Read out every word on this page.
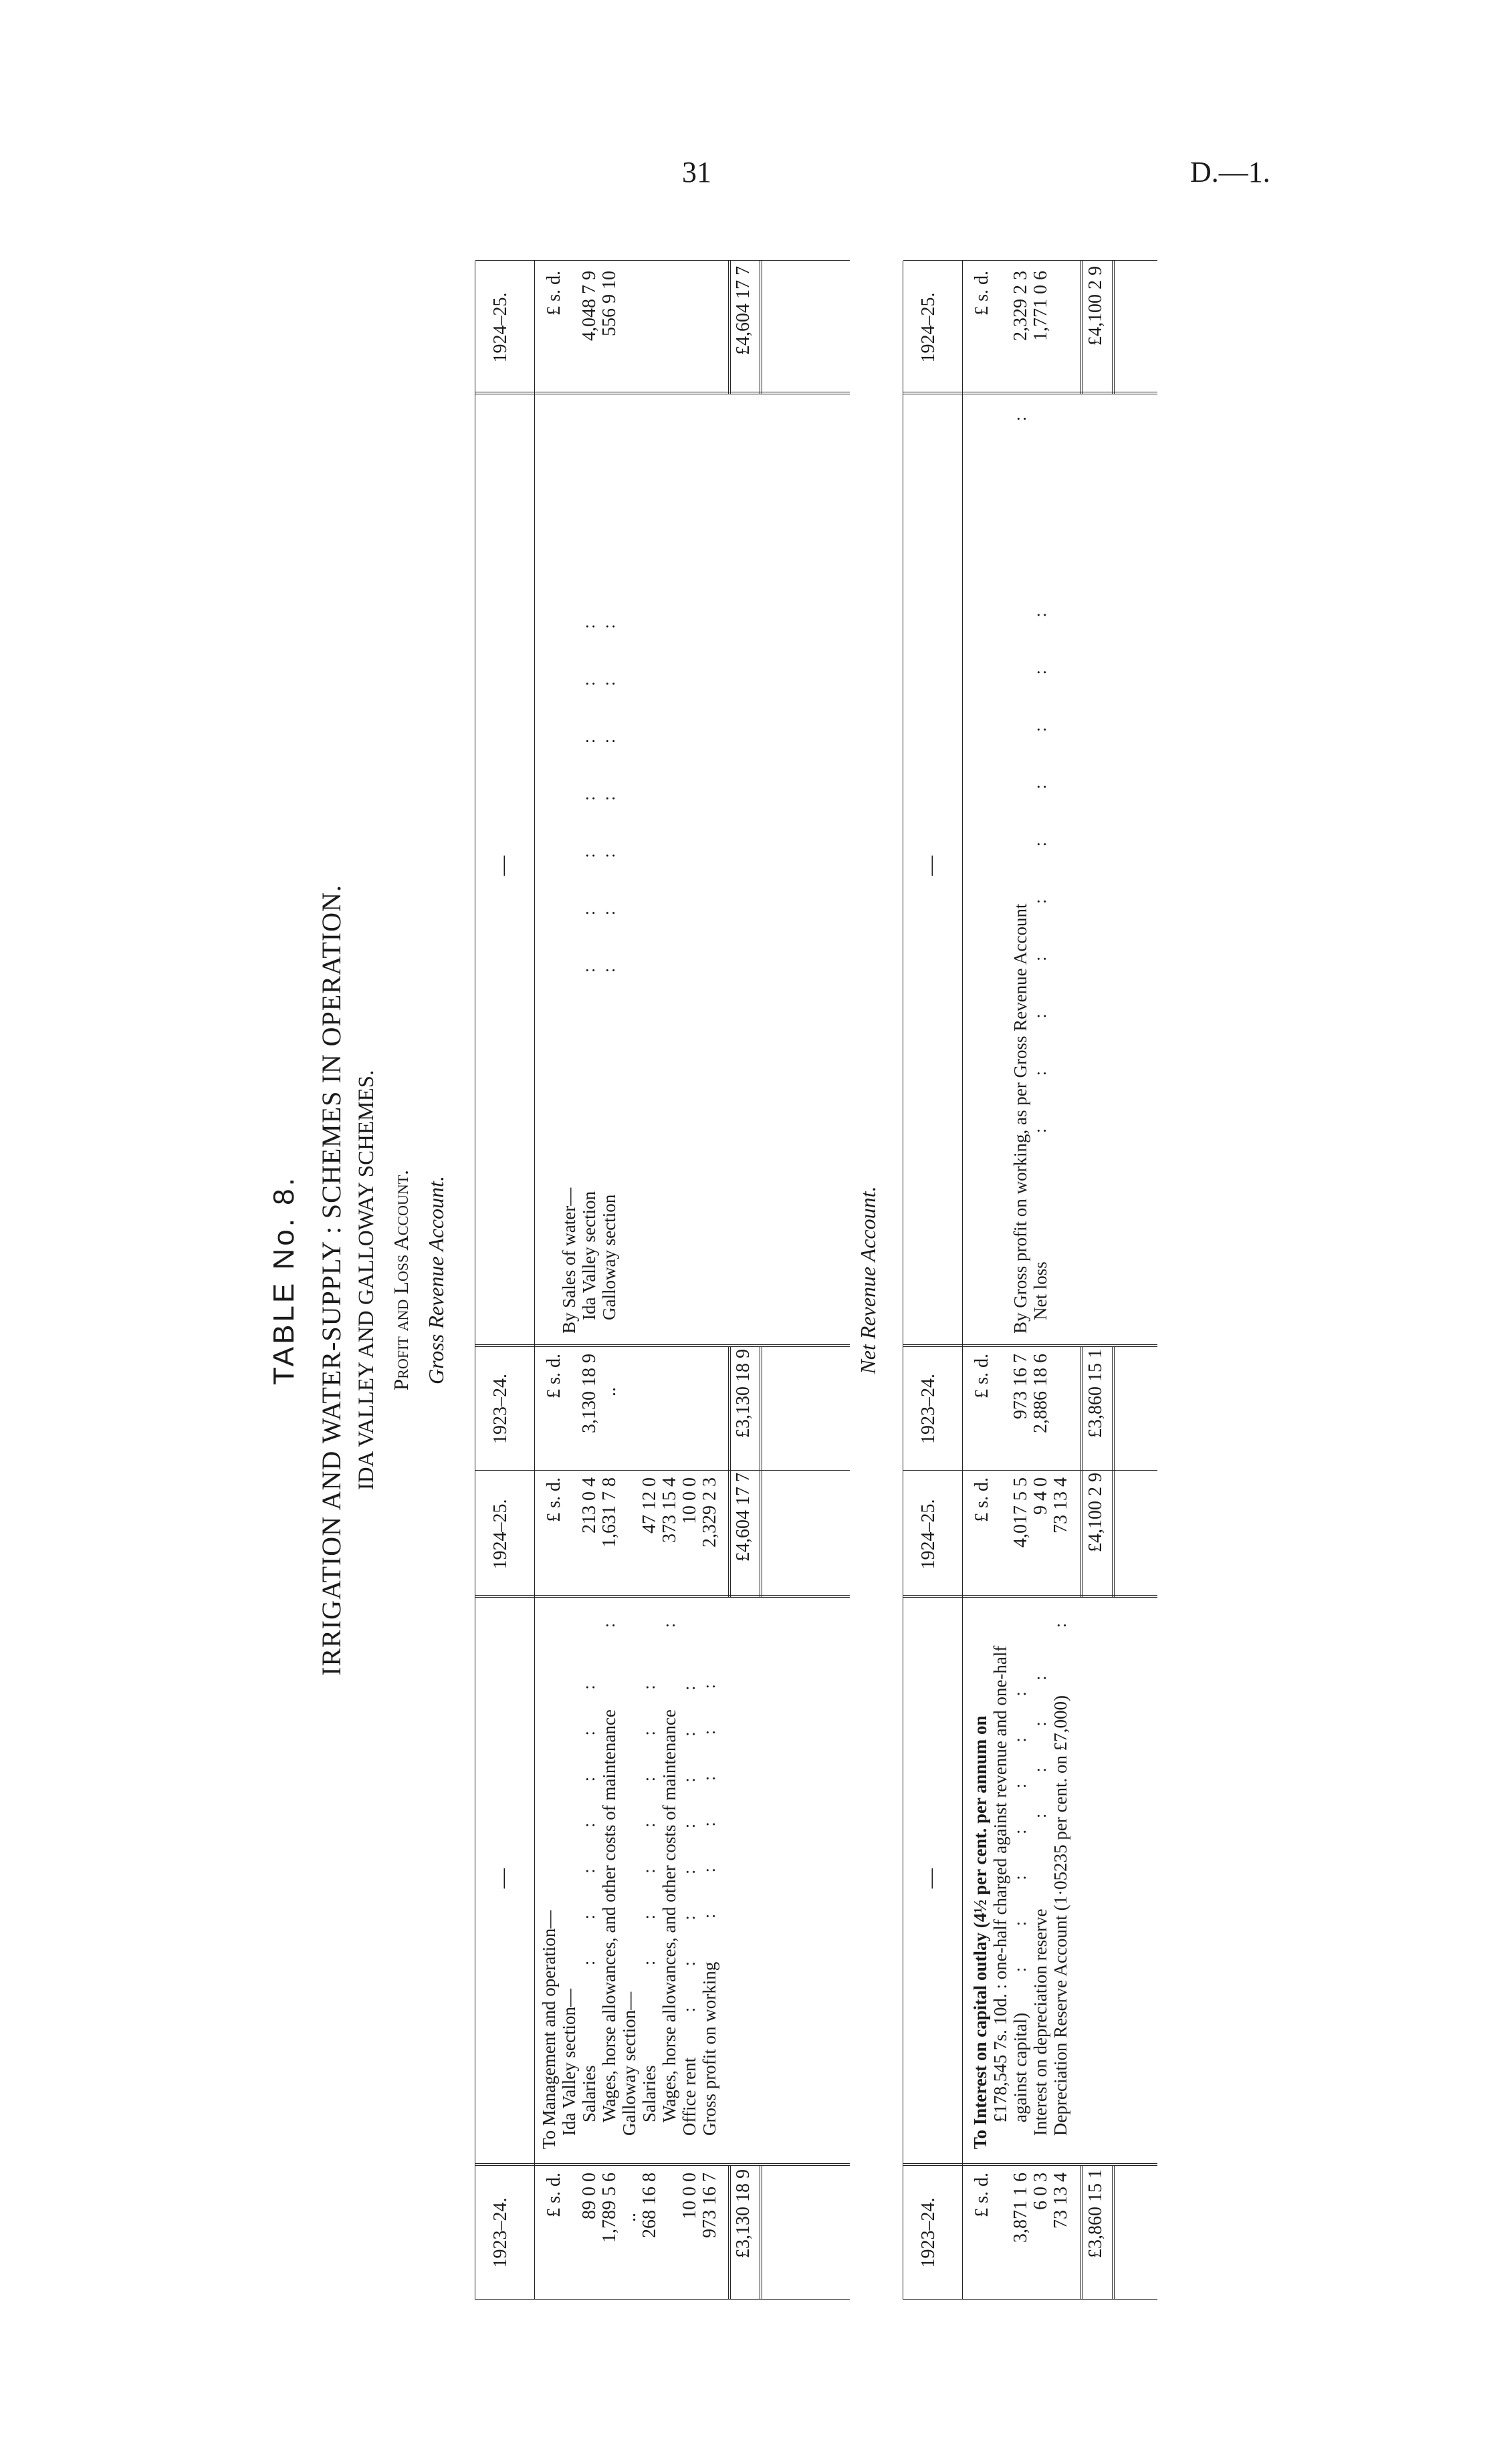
31	D.—1.
TABLE No. 8. IRRIGATION AND WATER-SUPPLY : SCHEMES IN OPERATION. IDA VALLEY AND GALLOWAY SCHEMES. Profit and Loss Account. Gross Revenue Account.
1923–24.
—
1924–25.
1923–24.
—
1924–25.
£ s. d.
£ s. d.
£ s. d.
£ s. d.
To Management and operation— Ida Valley section— Salaries
89 0 0
213 0 4
:       :       :       :       :       :       : Wages, horse allowances, and other costs of maintenance
1,789 5 6
1,631 7 8
:
Galloway section—
..
Salaries
268 16 8
47 12 0
:       :       :       :       :       :       : Wages, horse allowances, and other costs of maintenance
373 15 4
:
Office rent
10 0 0
10 0 0
:       :       :       :       :       :       :       :
Gross profit on working
973 16 7
2,329 2 3
:       :       :       :       :       :
£3,130 18 9
£4,604 17 7
By Sales of water— Ida Valley section
3,130 18 9
4,048 7 9
:         :         :         :         :         :         :
Galloway section
..
556 9 10
:         :         :         :         :         :         :
£3,130 18 9
£4,604 17 7
Net Revenue Account.
1923–24.
—
1924–25.
1923–24.
—
1924–25.
£ s. d.
£ s. d.
£ s. d.
£ s. d.
To Interest on capital outlay (4½ per cent. per annum on £178,545 7s. 10d. : one-half charged against revenue and one-half against capital)
3,871 1 6
4,017 5 5
:       :       :       :       :       :       :
Interest on depreciation reserve
6 0 3
9 4 0
:       :       :       : Depreciation Reserve Account (1·05235 per cent. on £7,000)
73 13 4
73 13 4
:
£3,860 15 1
£4,100 2 9
By Gross profit on working, as per Gross Revenue Account
973 16 7
2,329 2 3
:
Net loss
2,886 18 6
1,771 0 6
:         :         :         :         :         :         :         :         :         :
£3,860 15 1
£4,100 2 9
